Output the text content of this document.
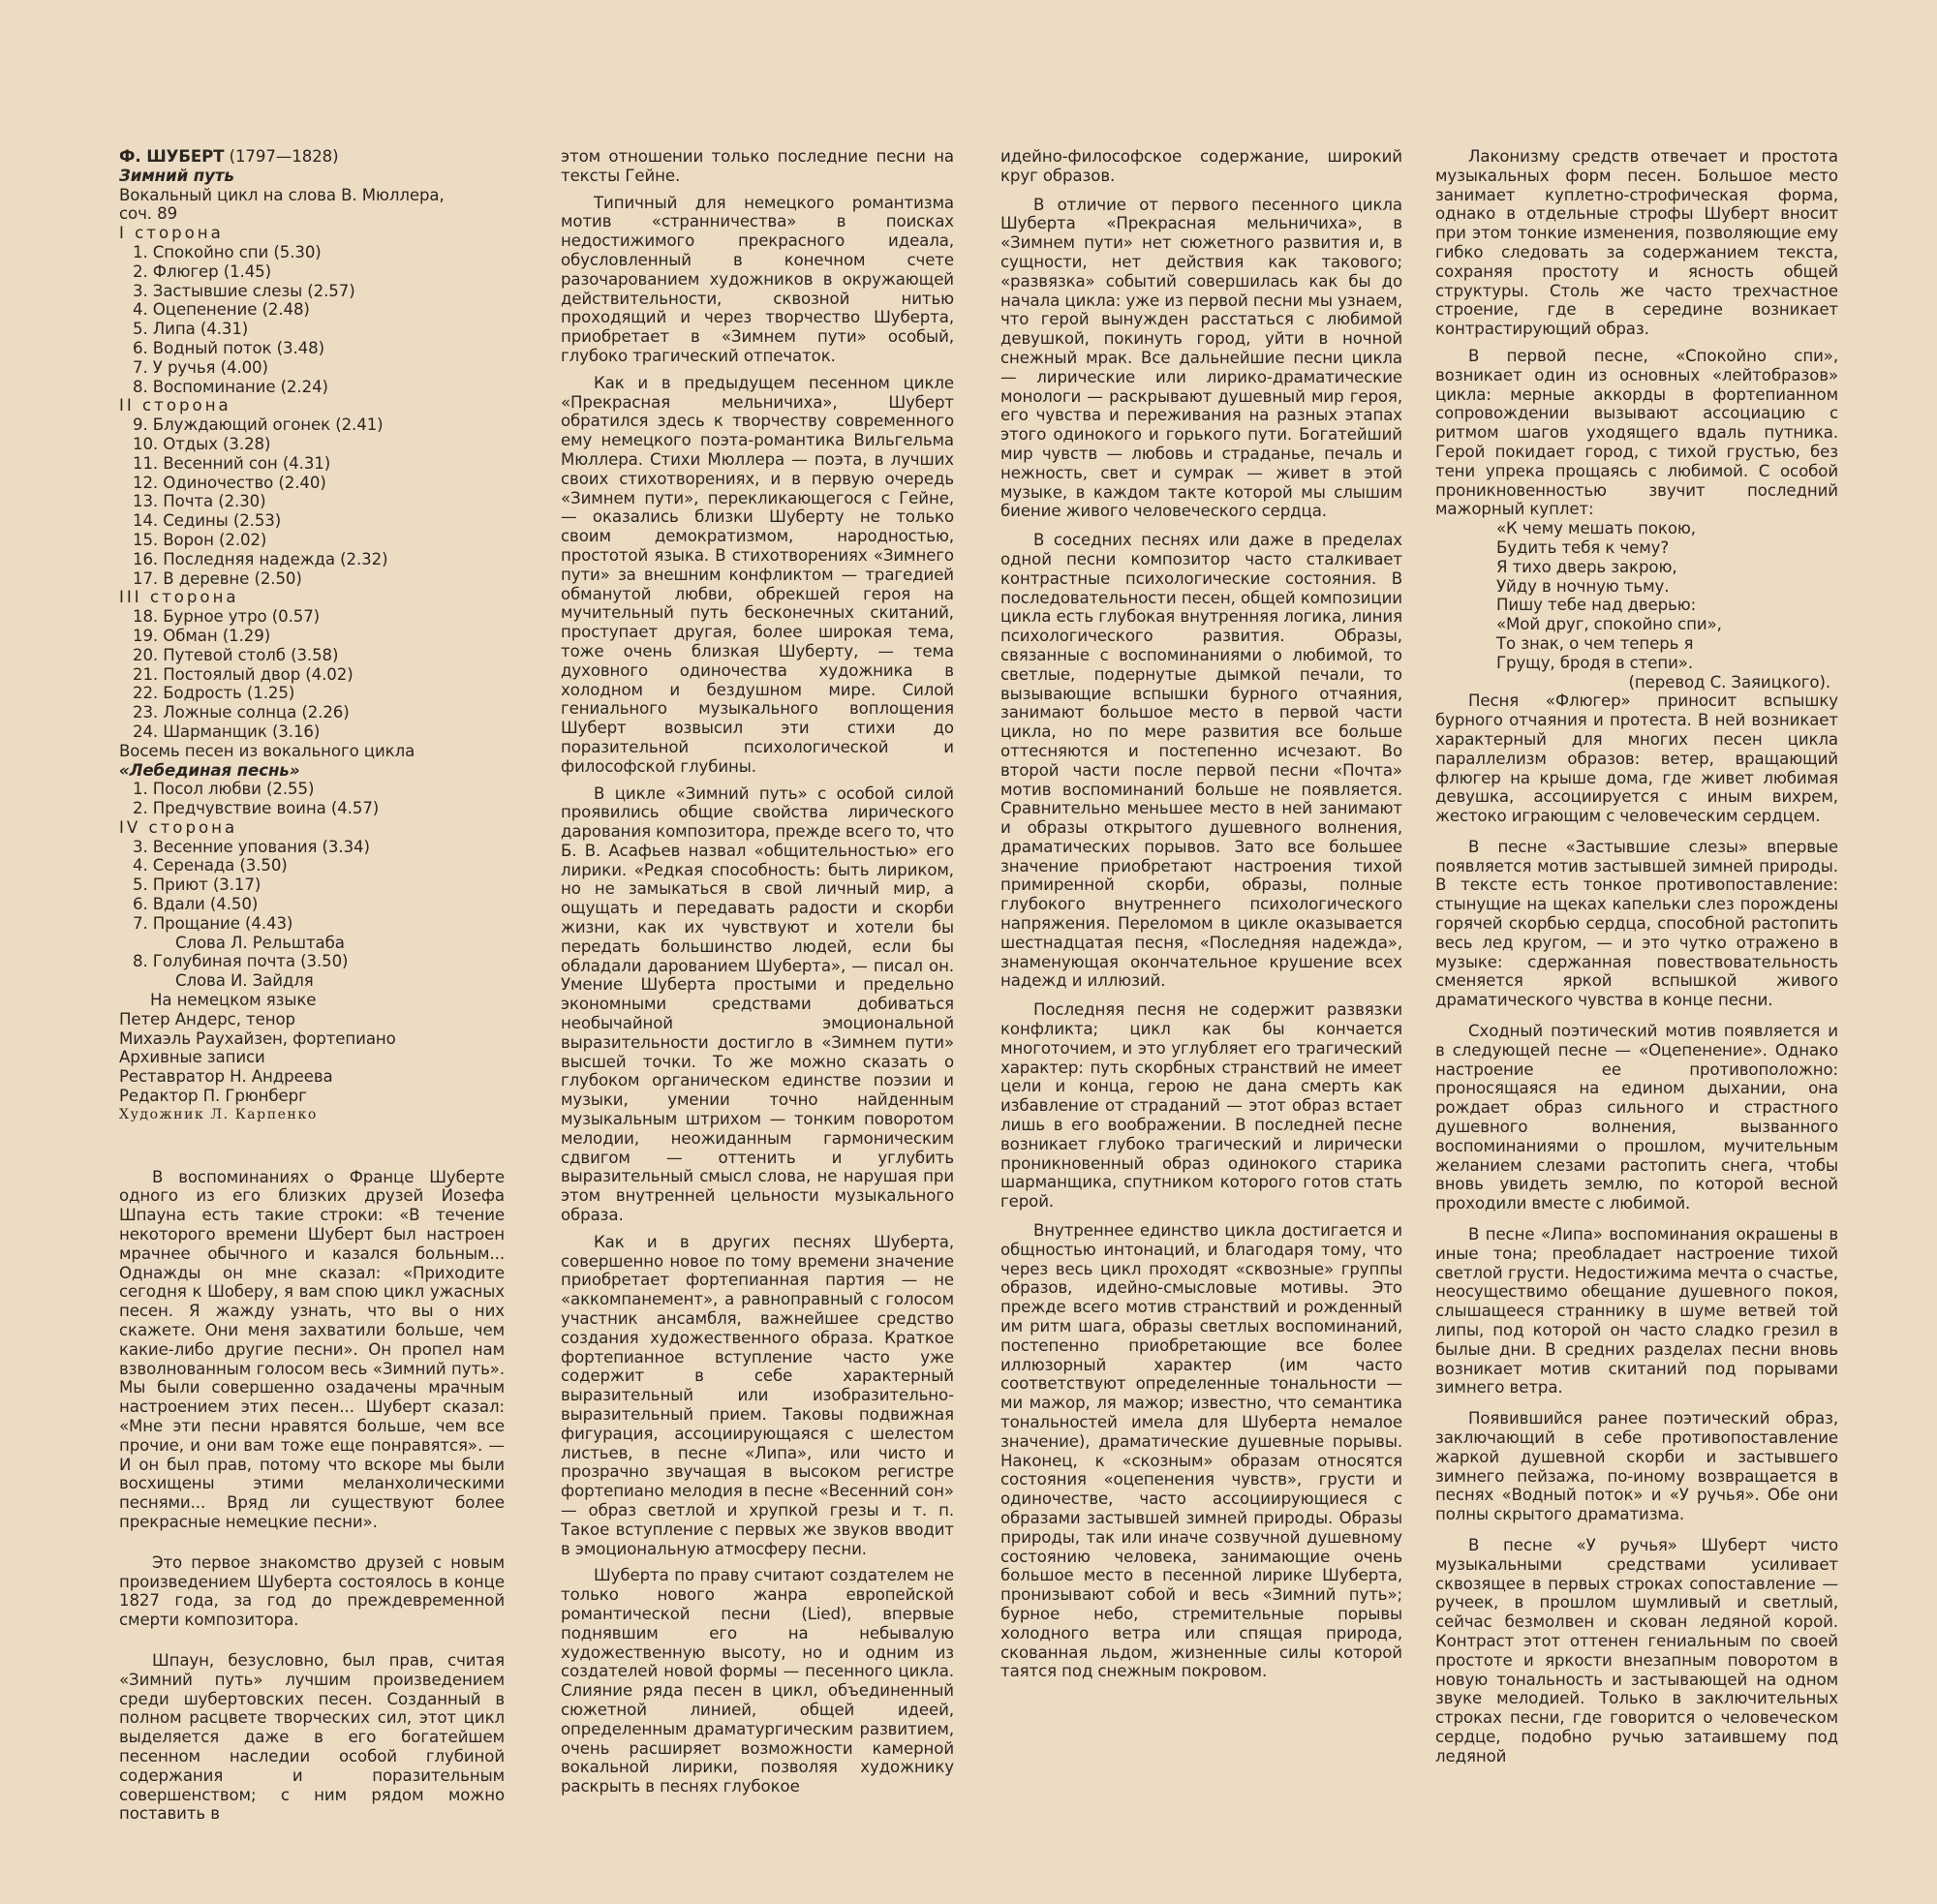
Ф. ШУБЕРТ (1797—1828)
Зимний путь
Вокальный цикл на слова В. Мюллера,
соч. 89
I сторона
1. Спокойно спи (5.30)
2. Флюгер (1.45)
3. Застывшие слезы (2.57)
4. Оцепенение (2.48)
5. Липа (4.31)
6. Водный поток (3.48)
7. У ручья (4.00)
8. Воспоминание (2.24)
II сторона
9. Блуждающий огонек (2.41)
10. Отдых (3.28)
11. Весенний сон (4.31)
12. Одиночество (2.40)
13. Почта (2.30)
14. Седины (2.53)
15. Ворон (2.02)
16. Последняя надежда (2.32)
17. В деревне (2.50)
III сторона
18. Бурное утро (0.57)
19. Обман (1.29)
20. Путевой столб (3.58)
21. Постоялый двор (4.02)
22. Бодрость (1.25)
23. Ложные солнца (2.26)
24. Шарманщик (3.16)
Восемь песен из вокального цикла
«Лебединая песнь»
1. Посол любви (2.55)
2. Предчувствие воина (4.57)
IV сторона
3. Весенние упования (3.34)
4. Серенада (3.50)
5. Приют (3.17)
6. Вдали (4.50)
7. Прощание (4.43)
Слова Л. Рельштаба
8. Голубиная почта (3.50)
Слова И. Зайдля
На немецком языке
Петер Андерс, тенор
Михаэль Раухайзен, фортепиано
Архивные записи
Реставратор Н. Андреева
Редактор П. Грюнберг
Художник Л. Карпенко

В воспоминаниях о Франце Шуберте одного из его близких друзей Йозефа Шпауна есть такие строки: «В течение некоторого времени Шуберт был настроен мрачнее обычного и казался больным... Однажды он мне сказал: «Приходите сегодня к Шоберу, я вам спою цикл ужасных песен. Я жажду узнать, что вы о них скажете. Они меня захватили больше, чем какие-либо другие песни». Он пропел нам взволнованным голосом весь «Зимний путь». Мы были совершенно озадачены мрачным настроением этих песен... Шуберт сказал: «Мне эти песни нравятся больше, чем все прочие, и они вам тоже еще понравятся». — И он был прав, потому что вскоре мы были восхищены этими меланхолическими песнями... Вряд ли существуют более прекрасные немецкие песни».

Это первое знакомство друзей с новым произведением Шуберта состоялось в конце 1827 года, за год до преждевременной смерти композитора.

Шпаун, безусловно, был прав, считая «Зимний путь» лучшим произведением среди шубертовских песен. Созданный в полном расцвете творческих сил, этот цикл выделяется даже в его богатейшем песенном наследии особой глубиной содержания и поразительным совершенством; с ним рядом можно поставить в

этом отношении только последние песни на тексты Гейне.

Типичный для немецкого романтизма мотив «странничества» в поисках недостижимого прекрасного идеала, обусловленный в конечном счете разочарованием художников в окружающей действительности, сквозной нитью проходящий и через творчество Шуберта, приобретает в «Зимнем пути» особый, глубоко трагический отпечаток.

Как и в предыдущем песенном цикле «Прекрасная мельничиха», Шуберт обратился здесь к творчеству современного ему немецкого поэта-романтика Вильгельма Мюллера. Стихи Мюллера — поэта, в лучших своих стихотворениях, и в первую очередь «Зимнем пути», перекликающегося с Гейне, — оказались близки Шуберту не только своим демократизмом, народностью, простотой языка. В стихотворениях «Зимнего пути» за внешним конфликтом — трагедией обманутой любви, обрекшей героя на мучительный путь бесконечных скитаний, проступает другая, более широкая тема, тоже очень близкая Шуберту, — тема духовного одиночества художника в холодном и бездушном мире. Силой гениального музыкального воплощения Шуберт возвысил эти стихи до поразительной психологической и философской глубины.

В цикле «Зимний путь» с особой силой проявились общие свойства лирического дарования композитора, прежде всего то, что Б. В. Асафьев назвал «общительностью» его лирики. «Редкая способность: быть лириком, но не замыкаться в свой личный мир, а ощущать и передавать радости и скорби жизни, как их чувствуют и хотели бы передать большинство людей, если бы обладали дарованием Шуберта», — писал он. Умение Шуберта простыми и предельно экономными средствами добиваться необычайной эмоциональной выразительности достигло в «Зимнем пути» высшей точки. То же можно сказать о глубоком органическом единстве поэзии и музыки, умении точно найденным музыкальным штрихом — тонким поворотом мелодии, неожиданным гармоническим сдвигом — оттенить и углубить выразительный смысл слова, не нарушая при этом внутренней цельности музыкального образа.

Как и в других песнях Шуберта, совершенно новое по тому времени значение приобретает фортепианная партия — не «аккомпанемент», а равноправный с голосом участник ансамбля, важнейшее средство создания художественного образа. Краткое фортепианное вступление часто уже содержит в себе характерный выразительный или изобразительно-выразительный прием. Таковы подвижная фигурация, ассоциирующаяся с шелестом листьев, в песне «Липа», или чисто и прозрачно звучащая в высоком регистре фортепиано мелодия в песне «Весенний сон» — образ светлой и хрупкой грезы и т. п. Такое вступление с первых же звуков вводит в эмоциональную атмосферу песни.

Шуберта по праву считают создателем не только нового жанра европейской романтической песни (Lied), впервые поднявшим его на небывалую художественную высоту, но и одним из создателей новой формы — песенного цикла. Слияние ряда песен в цикл, объединенный сюжетной линией, общей идеей, определенным драматургическим развитием, очень расширяет возможности камерной вокальной лирики, позволяя художнику раскрыть в песнях глубокое

идейно-философское содержание, широкий круг образов.

В отличие от первого песенного цикла Шуберта «Прекрасная мельничиха», в «Зимнем пути» нет сюжетного развития и, в сущности, нет действия как такового; «развязка» событий совершилась как бы до начала цикла: уже из первой песни мы узнаем, что герой вынужден расстаться с любимой девушкой, покинуть город, уйти в ночной снежный мрак. Все дальнейшие песни цикла — лирические или лирико-драматические монологи — раскрывают душевный мир героя, его чувства и переживания на разных этапах этого одинокого и горького пути. Богатейший мир чувств — любовь и страданье, печаль и нежность, свет и сумрак — живет в этой музыке, в каждом такте которой мы слышим биение живого человеческого сердца.

В соседних песнях или даже в пределах одной песни композитор часто сталкивает контрастные психологические состояния. В последовательности песен, общей композиции цикла есть глубокая внутренняя логика, линия психологического развития. Образы, связанные с воспоминаниями о любимой, то светлые, подернутые дымкой печали, то вызывающие вспышки бурного отчаяния, занимают большое место в первой части цикла, но по мере развития все больше оттесняются и постепенно исчезают. Во второй части после первой песни «Почта» мотив воспоминаний больше не появляется. Сравнительно меньшее место в ней занимают и образы открытого душевного волнения, драматических порывов. Зато все большее значение приобретают настроения тихой примиренной скорби, образы, полные глубокого внутреннего психологического напряжения. Переломом в цикле оказывается шестнадцатая песня, «Последняя надежда», знаменующая окончательное крушение всех надежд и иллюзий.

Последняя песня не содержит развязки конфликта; цикл как бы кончается многоточием, и это углубляет его трагический характер: путь скорбных странствий не имеет цели и конца, герою не дана смерть как избавление от страданий — этот образ встает лишь в его воображении. В последней песне возникает глубоко трагический и лирически проникновенный образ одинокого старика шарманщика, спутником которого готов стать герой.

Внутреннее единство цикла достигается и общностью интонаций, и благодаря тому, что через весь цикл проходят «сквозные» группы образов, идейно-смысловые мотивы. Это прежде всего мотив странствий и рожденный им ритм шага, образы светлых воспоминаний, постепенно приобретающие все более иллюзорный характер (им часто соответствуют определенные тональности — ми мажор, ля мажор; известно, что семантика тональностей имела для Шуберта немалое значение), драматические душевные порывы. Наконец, к «скозным» образам относятся состояния «оцепенения чувств», грусти и одиночестве, часто ассоциирующиеся с образами застывшей зимней природы. Образы природы, так или иначе созвучной душевному состоянию человека, занимающие очень большое место в песенной лирике Шуберта, пронизывают собой и весь «Зимний путь»; бурное небо, стремительные порывы холодного ветра или спящая природа, скованная льдом, жизненные силы которой таятся под снежным покровом.

Лаконизму средств отвечает и простота музыкальных форм песен. Большое место занимает куплетно-строфическая форма, однако в отдельные строфы Шуберт вносит при этом тонкие изменения, позволяющие ему гибко следовать за содержанием текста, сохраняя простоту и ясность общей структуры. Столь же часто трехчастное строение, где в середине возникает контрастирующий образ.

В первой песне, «Спокойно спи», возникает один из основных «лейтобразов» цикла: мерные аккорды в фортепианном сопровождении вызывают ассоциацию с ритмом шагов уходящего вдаль путника. Герой покидает город, с тихой грустью, без тени упрека прощаясь с любимой. С особой проникновенностью звучит последний мажорный куплет:

«К чему мешать покою,
Будить тебя к чему?
Я тихо дверь закрою,
Уйду в ночную тьму.
Пишу тебе над дверью:
«Мой друг, спокойно спи»,
То знак, о чем теперь я
Грущу, бродя в степи».
(перевод С. Заяицкого).

Песня «Флюгер» приносит вспышку бурного отчаяния и протеста. В ней возникает характерный для многих песен цикла параллелизм образов: ветер, вращающий флюгер на крыше дома, где живет любимая девушка, ассоциируется с иным вихрем, жестоко играющим с человеческим сердцем.

В песне «Застывшие слезы» впервые появляется мотив застывшей зимней природы. В тексте есть тонкое противопоставление: стынущие на щеках капельки слез порождены горячей скорбью сердца, способной растопить весь лед кругом, — и это чутко отражено в музыке: сдержанная повествовательность сменяется яркой вспышкой живого драматического чувства в конце песни.

Сходный поэтический мотив появляется и в следующей песне — «Оцепенение». Однако настроение ее противоположно: проносящаяся на едином дыхании, она рождает образ сильного и страстного душевного волнения, вызванного воспоминаниями о прошлом, мучительным желанием слезами растопить снега, чтобы вновь увидеть землю, по которой весной проходили вместе с любимой.

В песне «Липа» воспоминания окрашены в иные тона; преобладает настроение тихой светлой грусти. Недостижима мечта о счастье, неосуществимо обещание душевного покоя, слышащееся страннику в шуме ветвей той липы, под которой он часто сладко грезил в былые дни. В средних разделах песни вновь возникает мотив скитаний под порывами зимнего ветра.

Появившийся ранее поэтический образ, заключающий в себе противопоставление жаркой душевной скорби и застывшего зимнего пейзажа, по-иному возвращается в песнях «Водный поток» и «У ручья». Обе они полны скрытого драматизма.

В песне «У ручья» Шуберт чисто музыкальными средствами усиливает сквозящее в первых строках сопоставление — ручеек, в прошлом шумливый и светлый, сейчас безмолвен и скован ледяной корой. Контраст этот оттенен гениальным по своей простоте и яркости внезапным поворотом в новую тональность и застывающей на одном звуке мелодией. Только в заключительных строках песни, где говорится о человеческом сердце, подобно ручью затаившему под ледяной
